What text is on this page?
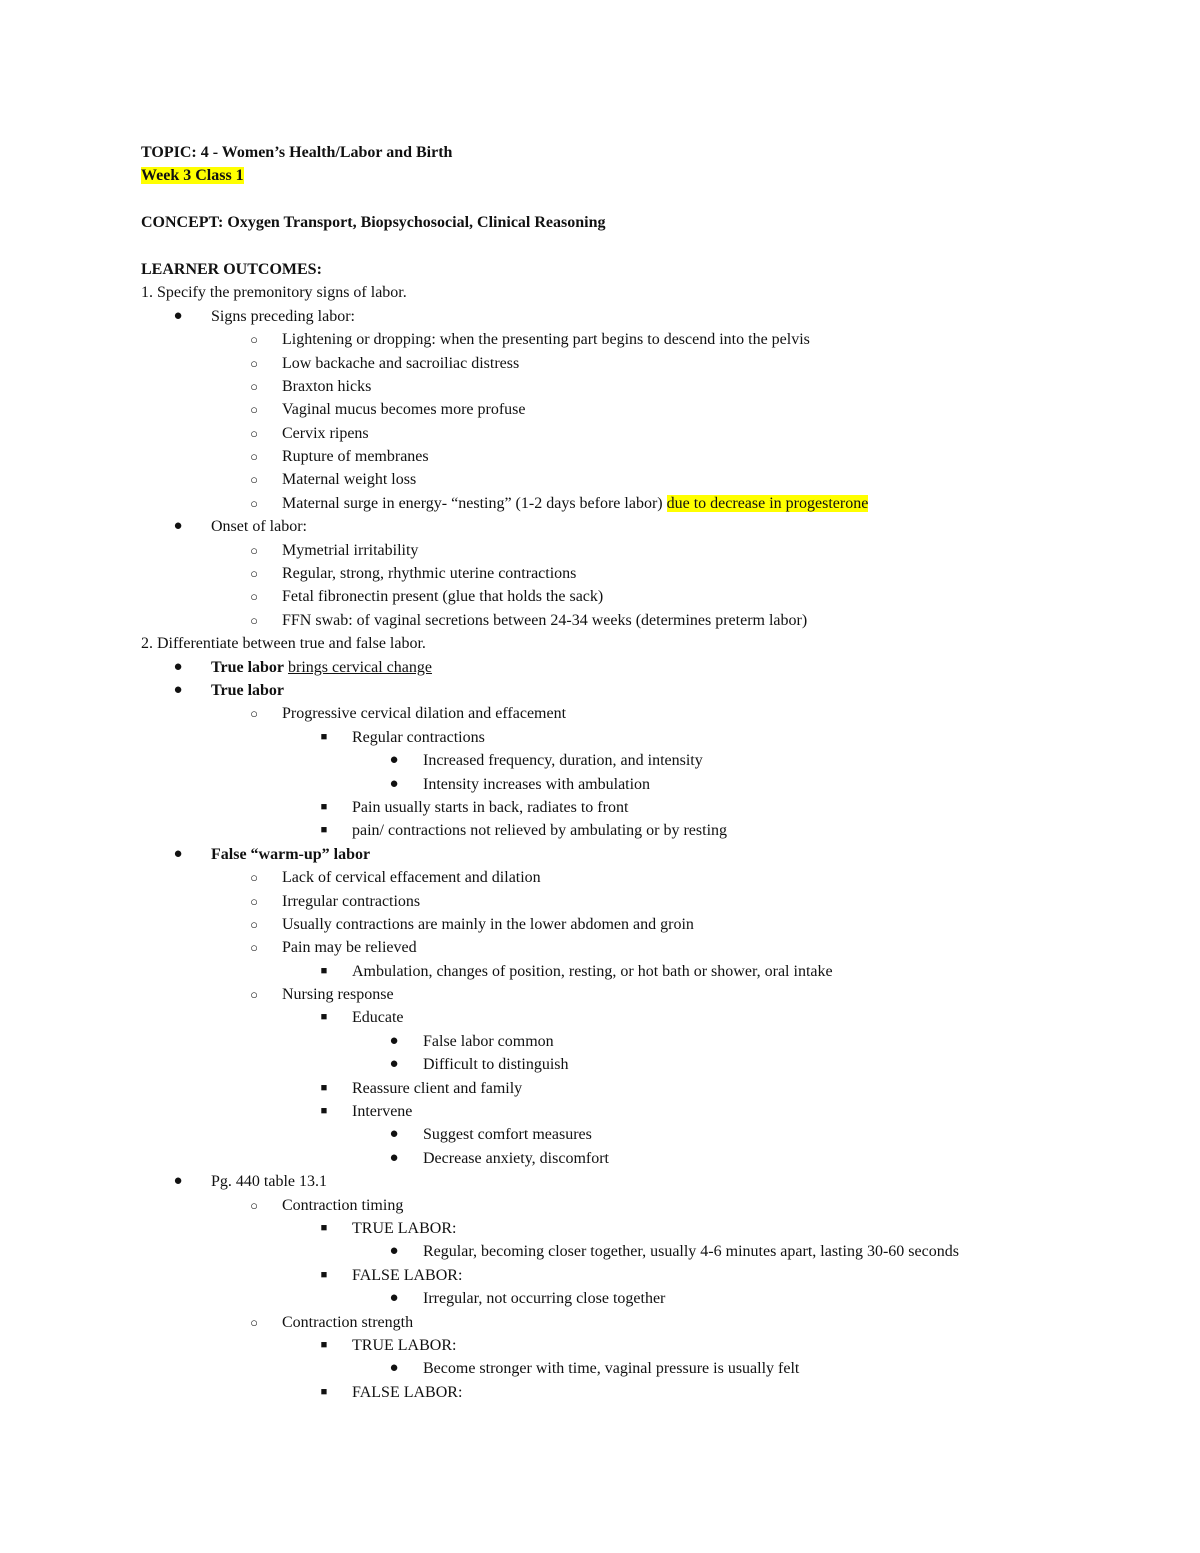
TOPIC: 4 - Women’s Health/Labor and Birth
Week 3 Class 1
CONCEPT: Oxygen Transport, Biopsychosocial, Clinical Reasoning
LEARNER OUTCOMES:
1. Specify the premonitory signs of labor.
●
Signs preceding labor:
○
Lightening or dropping: when the presenting part begins to descend into the pelvis
○
Low backache and sacroiliac distress
○
Braxton hicks
○
Vaginal mucus becomes more profuse
○
Cervix ripens
○
Rupture of membranes
○
Maternal weight loss
○
Maternal surge in energy- “nesting” (1-2 days before labor) due to decrease in progesterone
●
Onset of labor:
○
Mymetrial irritability
○
Regular, strong, rhythmic uterine contractions
○
Fetal fibronectin present (glue that holds the sack)
○
FFN swab: of vaginal secretions between 24-34 weeks (determines preterm labor)
2. Differentiate between true and false labor.
●
True labor brings cervical change
●
True labor
○
Progressive cervical dilation and effacement
■
Regular contractions
●
Increased frequency, duration, and intensity
●
Intensity increases with ambulation
■
Pain usually starts in back, radiates to front
■
pain/ contractions not relieved by ambulating or by resting
●
False “warm-up” labor
○
Lack of cervical effacement and dilation
○
Irregular contractions
○
Usually contractions are mainly in the lower abdomen and groin
○
Pain may be relieved
■
Ambulation, changes of position, resting, or hot bath or shower, oral intake
○
Nursing response
■
Educate
●
False labor common
●
Difficult to distinguish
■
Reassure client and family
■
Intervene
●
Suggest comfort measures
●
Decrease anxiety, discomfort
●
Pg. 440 table 13.1
○
Contraction timing
■
TRUE LABOR:
●
Regular, becoming closer together, usually 4-6 minutes apart, lasting 30-60 seconds
■
FALSE LABOR:
●
Irregular, not occurring close together
○
Contraction strength
■
TRUE LABOR:
●
Become stronger with time, vaginal pressure is usually felt
■
FALSE LABOR:
